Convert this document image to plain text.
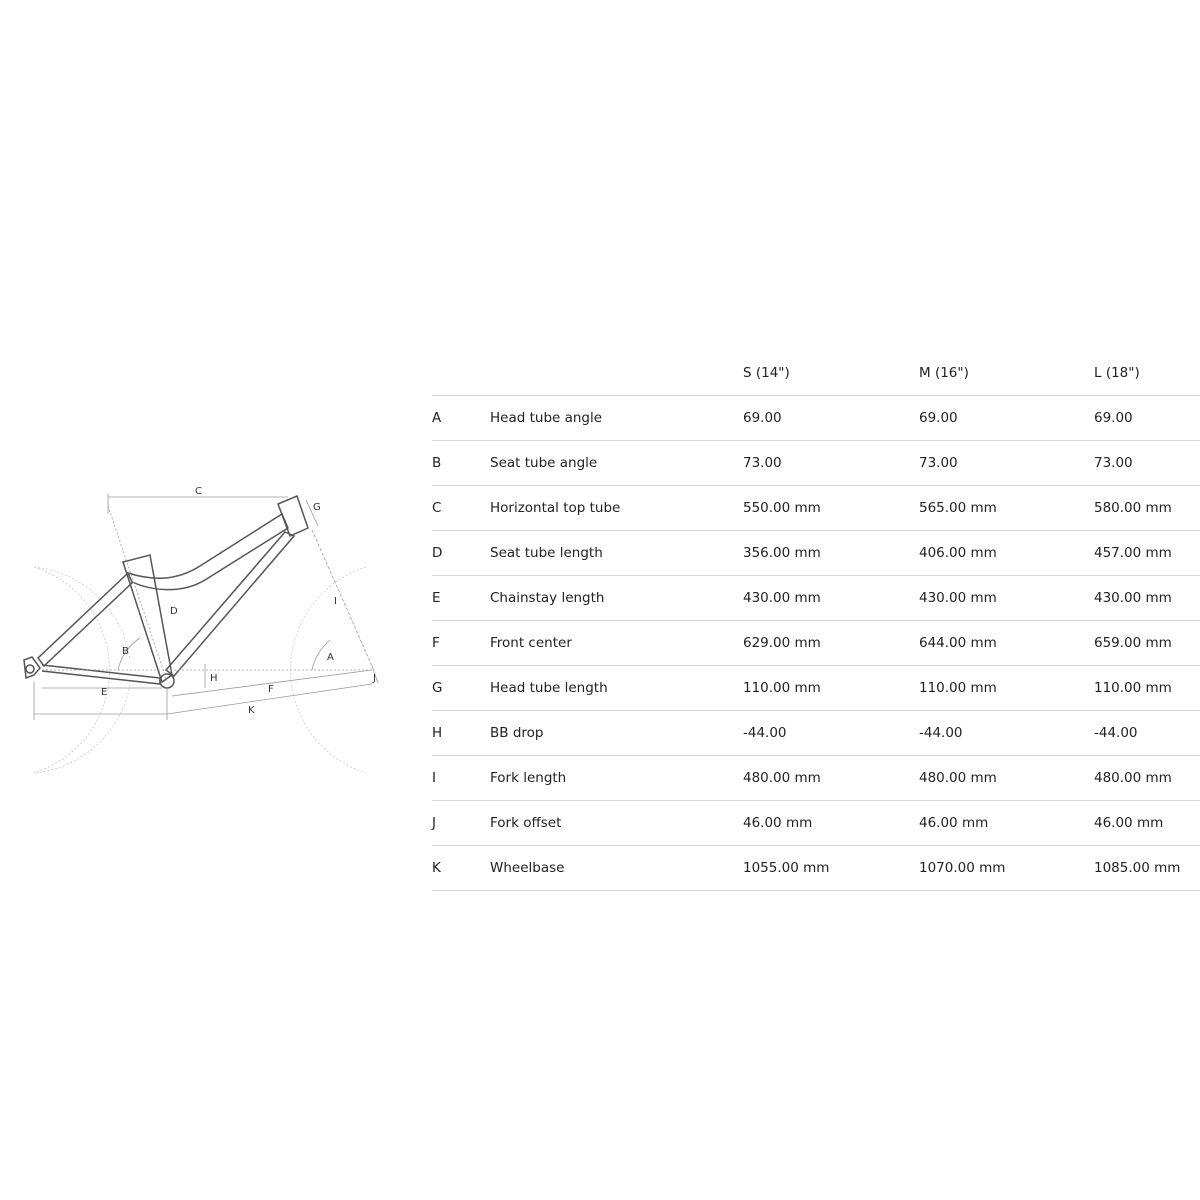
C
G
D
I
B
A
H	J
E	F
K
		S (14")	M (16")	L (18")
A	Head tube angle	69.00	69.00	69.00
B	Seat tube angle	73.00	73.00	73.00
C	Horizontal top tube	550.00 mm	565.00 mm	580.00 mm
D	Seat tube length	356.00 mm	406.00 mm	457.00 mm
E	Chainstay length	430.00 mm	430.00 mm	430.00 mm
F	Front center	629.00 mm	644.00 mm	659.00 mm
G	Head tube length	110.00 mm	110.00 mm	110.00 mm
H	BB drop	-44.00	-44.00	-44.00
I	Fork length	480.00 mm	480.00 mm	480.00 mm
J	Fork offset	46.00 mm	46.00 mm	46.00 mm
K	Wheelbase	1055.00 mm	1070.00 mm	1085.00 mm
